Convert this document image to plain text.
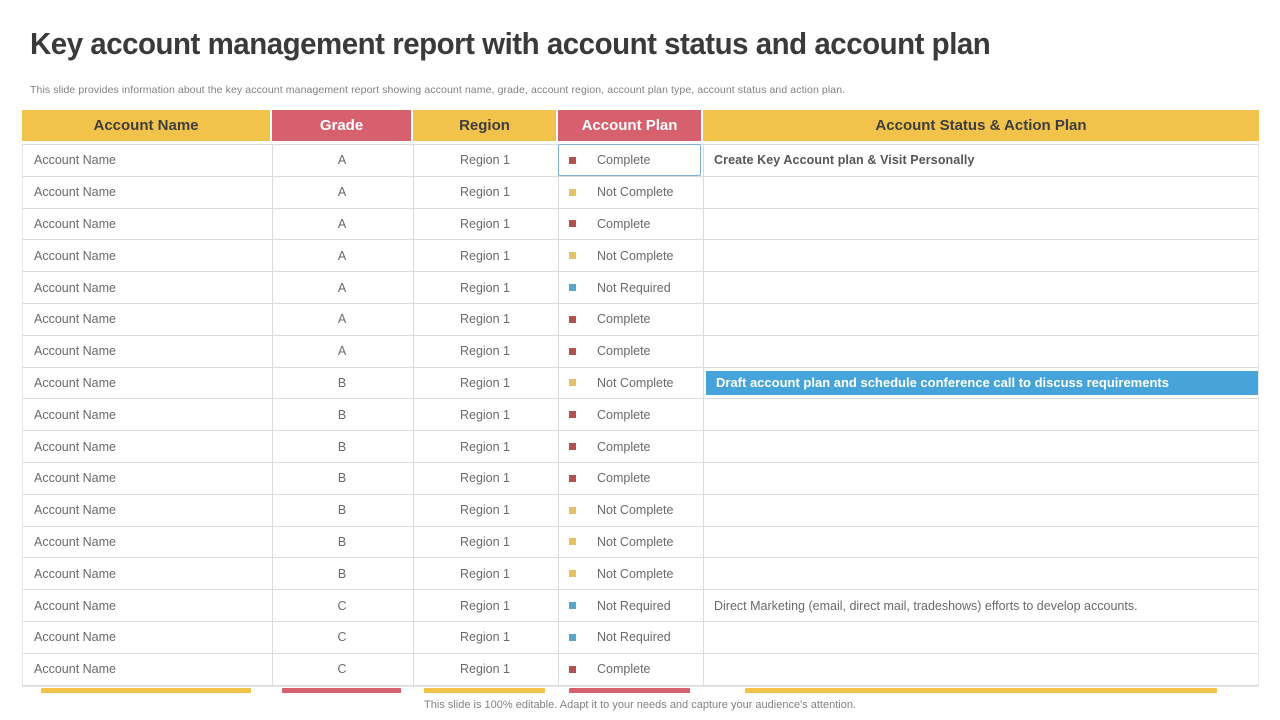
Key account management report with account status and account plan
This slide provides information about the key account management report showing account name, grade, account region, account plan type, account status and action plan.
Account Name	Grade	Region	Account Plan	Account Status & Action Plan
Account Name	A	Region 1	Complete	Create Key Account plan & Visit Personally
Account Name	A	Region 1	Not Complete
Account Name	A	Region 1	Complete
Account Name	A	Region 1	Not Complete
Account Name	A	Region 1	Not Required
Account Name	A	Region 1	Complete
Account Name	A	Region 1	Complete
Account Name	B	Region 1	Not Complete	Draft account plan and schedule conference call to discuss requirements
Account Name	B	Region 1	Complete
Account Name	B	Region 1	Complete
Account Name	B	Region 1	Complete
Account Name	B	Region 1	Not Complete
Account Name	B	Region 1	Not Complete
Account Name	B	Region 1	Not Complete
Account Name	C	Region 1	Not Required	Direct Marketing (email, direct mail, tradeshows) efforts to develop accounts.
Account Name	C	Region 1	Not Required
Account Name	C	Region 1	Complete
This slide is 100% editable. Adapt it to your needs and capture your audience's attention.
